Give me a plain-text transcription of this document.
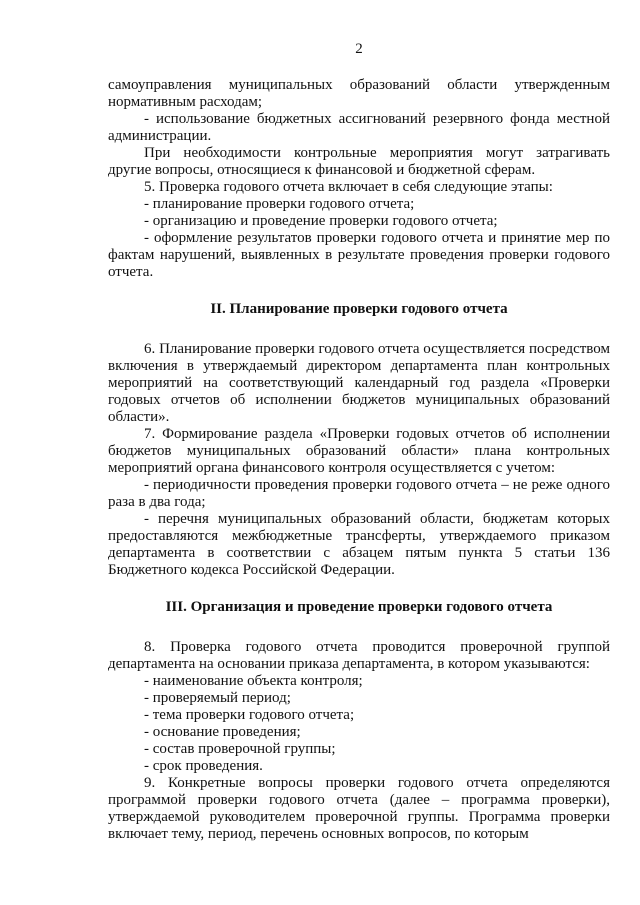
2

самоуправления муниципальных образований области утвержденным нормативным расходам;

- использование бюджетных ассигнований резервного фонда местной администрации.

При необходимости контрольные мероприятия могут затрагивать другие вопросы, относящиеся к финансовой и бюджетной сферам.

5. Проверка годового отчета включает в себя следующие этапы:

- планирование проверки годового отчета;

- организацию и проведение проверки годового отчета;

- оформление результатов проверки годового отчета и принятие мер по фактам нарушений, выявленных в результате проведения проверки годового отчета.

II. Планирование проверки годового отчета

6. Планирование проверки годового отчета осуществляется посредством включения в утверждаемый директором департамента план контрольных мероприятий на соответствующий календарный год раздела «Проверки годовых отчетов об исполнении бюджетов муниципальных образований области».

7. Формирование раздела «Проверки годовых отчетов об исполнении бюджетов муниципальных образований области» плана контрольных мероприятий органа финансового контроля осуществляется с учетом:

- периодичности проведения проверки годового отчета – не реже одного раза в два года;

- перечня муниципальных образований области, бюджетам которых предоставляются межбюджетные трансферты, утверждаемого приказом департамента в соответствии с абзацем пятым пункта 5 статьи 136 Бюджетного кодекса Российской Федерации.

III. Организация и проведение проверки годового отчета

8. Проверка годового отчета проводится проверочной группой департамента на основании приказа департамента, в котором указываются:

- наименование объекта контроля;

- проверяемый период;

- тема проверки годового отчета;

- основание проведения;

- состав проверочной группы;

- срок проведения.

9. Конкретные вопросы проверки годового отчета определяются программой проверки годового отчета (далее – программа проверки), утверждаемой руководителем проверочной группы. Программа проверки включает тему, период, перечень основных вопросов, по которым
